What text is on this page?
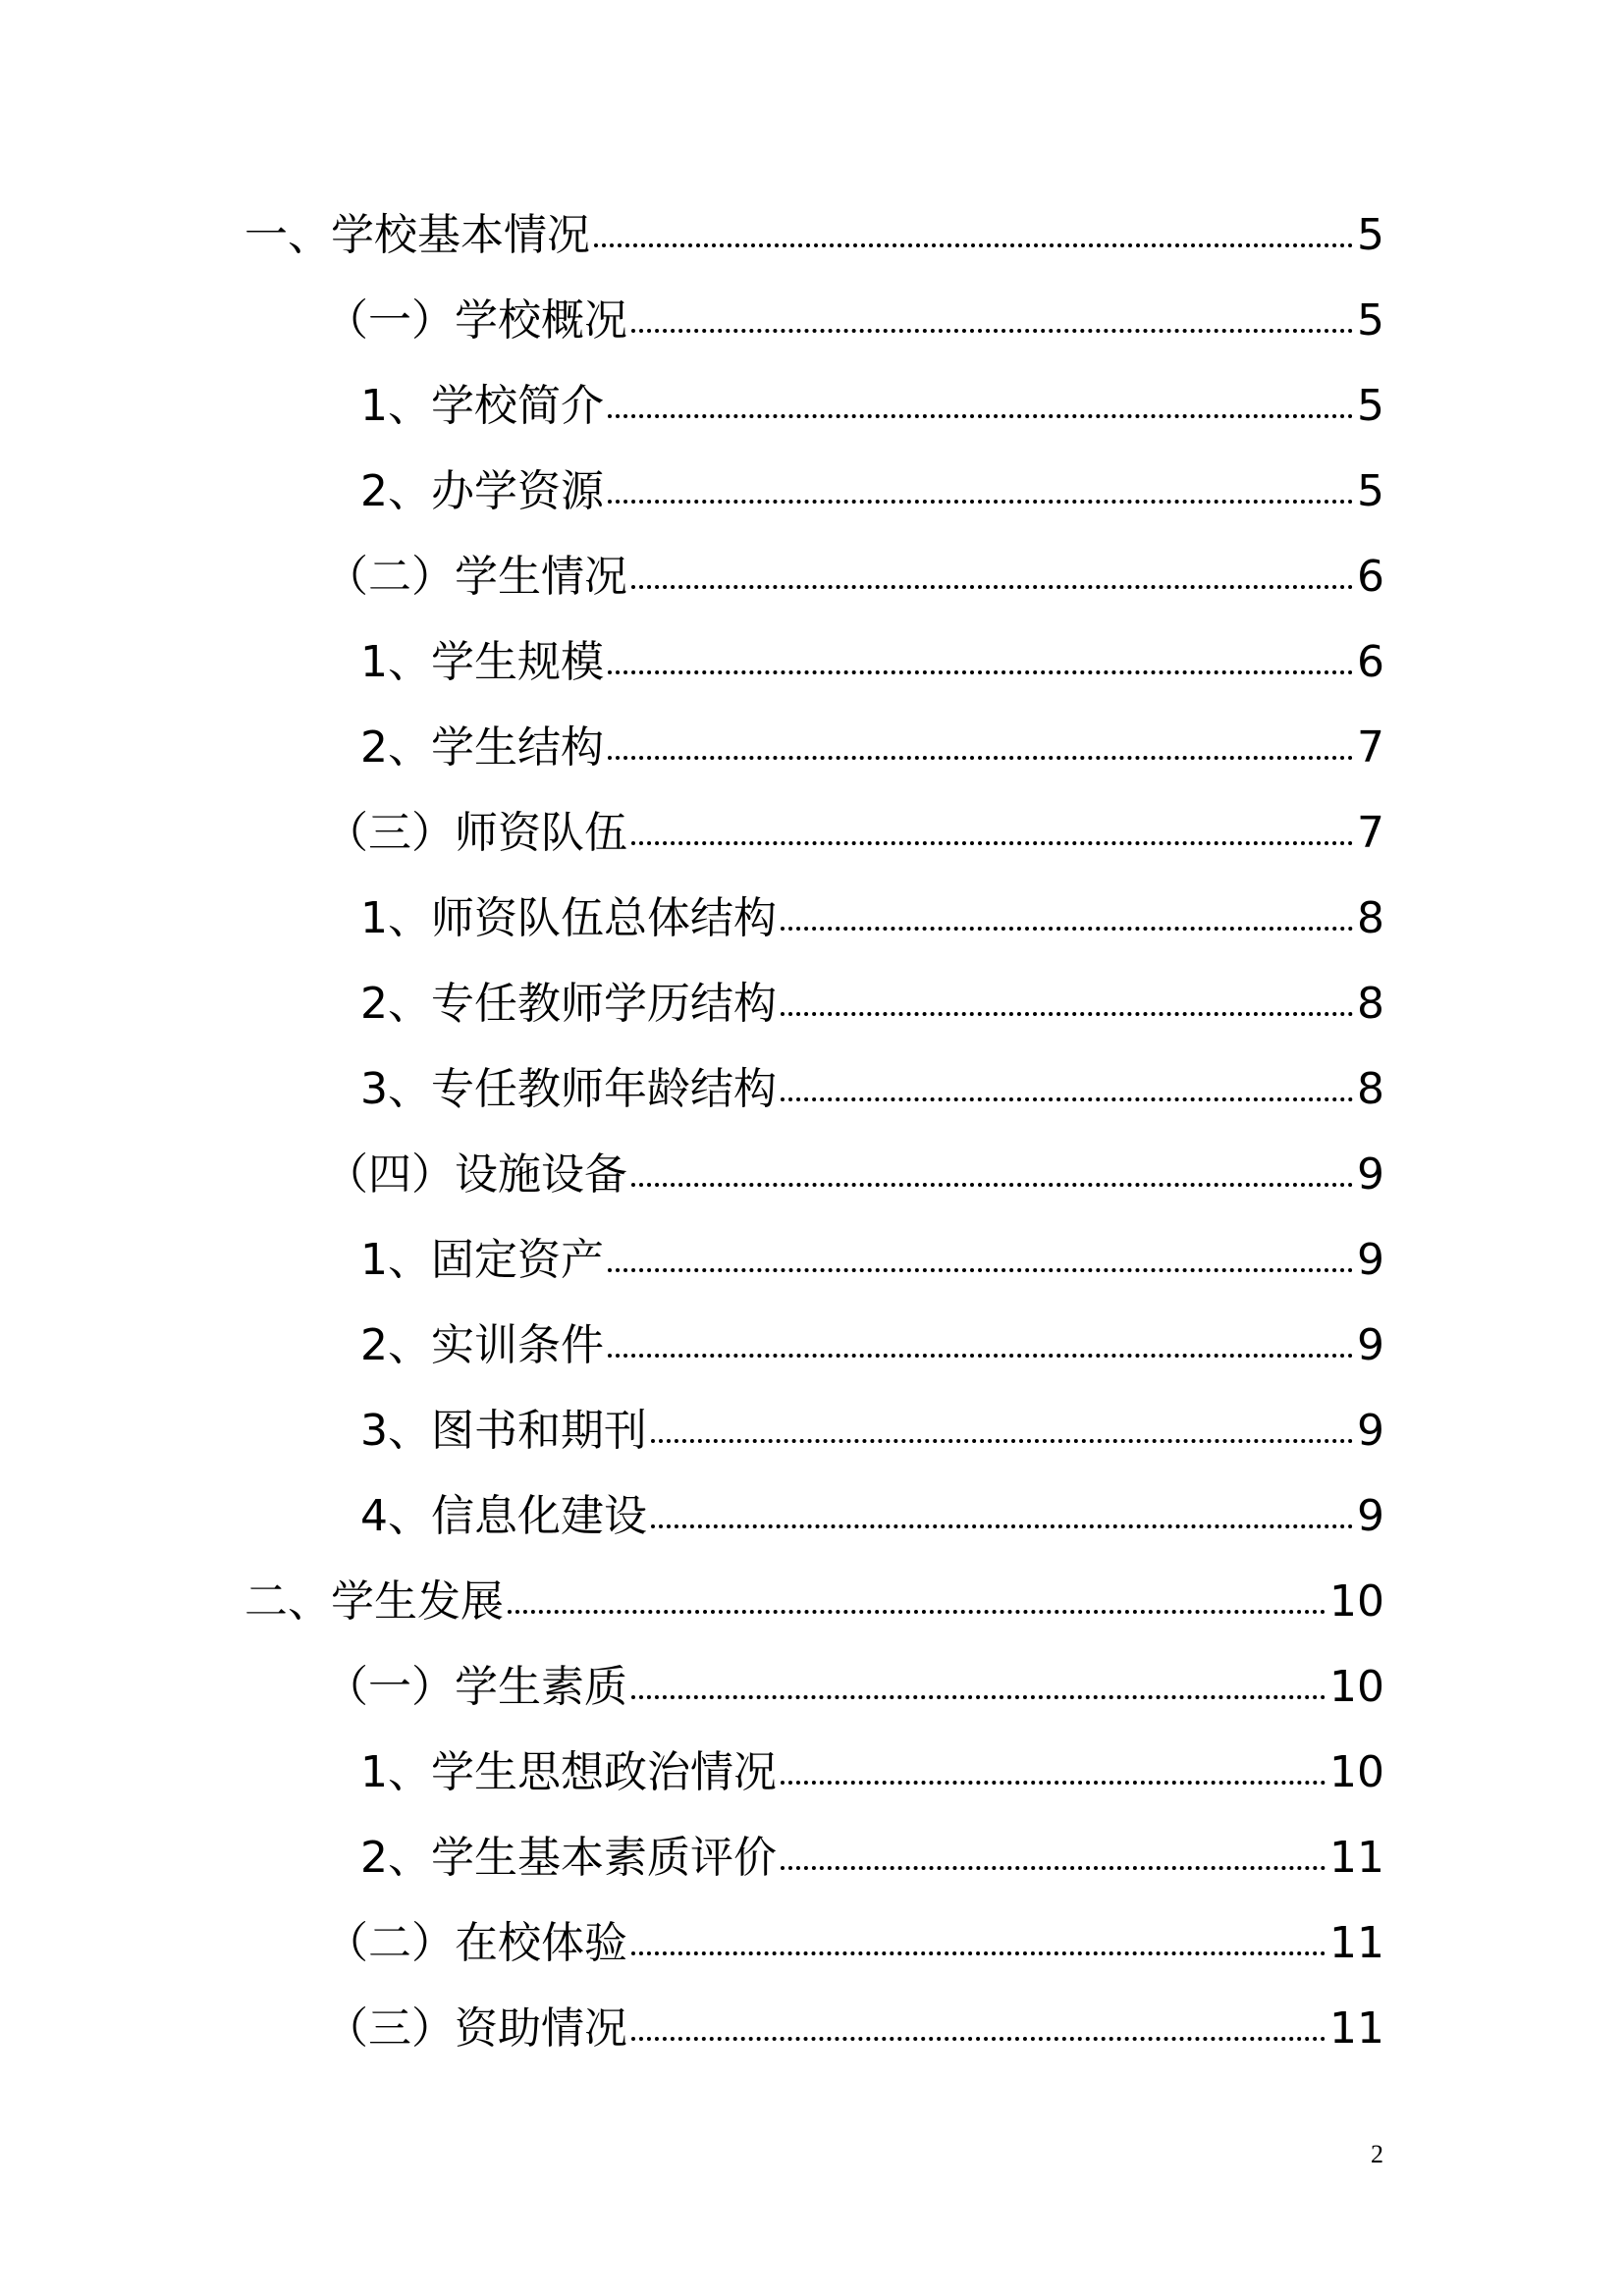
一、学校基本情况	5
（一）学校概况	5
1、学校简介	5
2、办学资源	5
（二）学生情况	6
1、学生规模	6
2、学生结构	7
（三）师资队伍	7
1、师资队伍总体结构	8
2、专任教师学历结构	8
3、专任教师年龄结构	8
（四）设施设备	9
1、固定资产	9
2、实训条件	9
3、图书和期刊	9
4、信息化建设	9
二、学生发展	10
（一）学生素质	10
1、学生思想政治情况	10
2、学生基本素质评价	11
（二）在校体验	11
（三）资助情况	11
2
